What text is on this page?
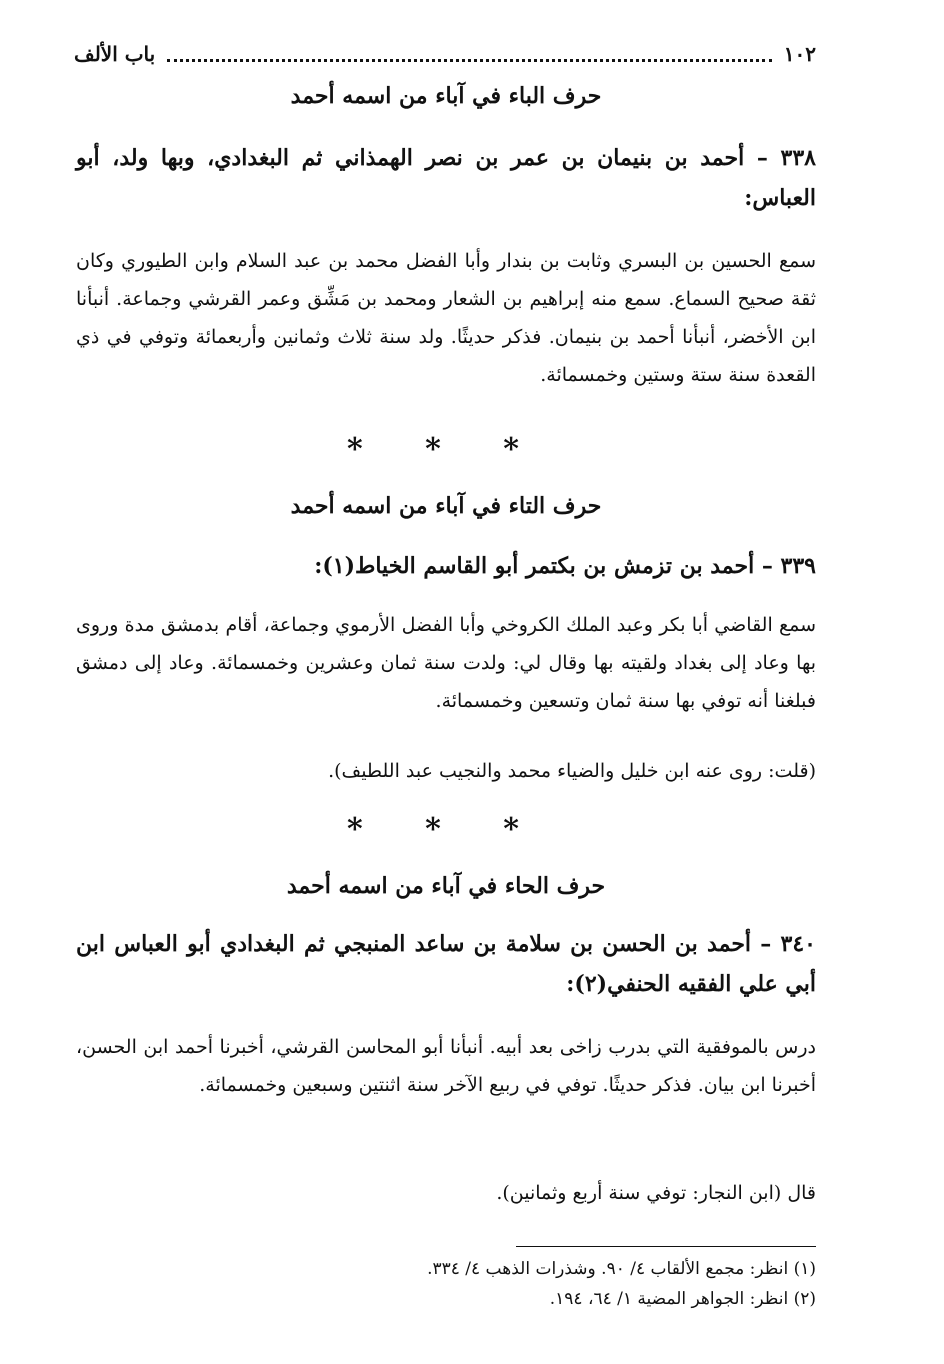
١٠٢
باب الألف
حرف الباء في آباء من اسمه أحمد
٣٣٨ – أحمد بن بنيمان بن عمر بن نصر الهمذاني ثم البغدادي، وبها ولد، أبو العباس:
سمع الحسين بن البسري وثابت بن بندار وأبا الفضل محمد بن عبد السلام وابن الطيوري وكان ثقة صحيح السماع. سمع منه إبراهيم بن الشعار ومحمد بن مَشِّق وعمر القرشي وجماعة. أنبأنا ابن الأخضر، أنبأنا أحمد بن بنيمان. فذكر حديثًا. ولد سنة ثلاث وثمانين وأربعمائة وتوفي في ذي القعدة سنة ستة وستين وخمسمائة.
* * *
حرف التاء في آباء من اسمه أحمد
٣٣٩ – أحمد بن تزمش بن بكتمر أبو القاسم الخياط(١):
سمع القاضي أبا بكر وعبد الملك الكروخي وأبا الفضل الأرموي وجماعة، أقام بدمشق مدة وروى بها وعاد إلى بغداد ولقيته بها وقال لي: ولدت سنة ثمان وعشرين وخمسمائة. وعاد إلى دمشق فبلغنا أنه توفي بها سنة ثمان وتسعين وخمسمائة.
(قلت: روى عنه ابن خليل والضياء محمد والنجيب عبد اللطيف).
* * *
حرف الحاء في آباء من اسمه أحمد
٣٤٠ – أحمد بن الحسن بن سلامة بن ساعد المنبجي ثم البغدادي أبو العباس ابن أبي علي الفقيه الحنفي(٢):
درس بالموفقية التي بدرب زاخى بعد أبيه. أنبأنا أبو المحاسن القرشي، أخبرنا أحمد ابن الحسن، أخبرنا ابن بيان. فذكر حديثًا. توفي في ربيع الآخر سنة اثنتين وسبعين وخمسمائة.
قال (ابن النجار: توفي سنة أربع وثمانين).
(١) انظر: مجمع الألقاب ٤/ ٩٠. وشذرات الذهب ٤/ ٣٣٤.
(٢) انظر: الجواهر المضية ١/ ٦٤، ١٩٤.
